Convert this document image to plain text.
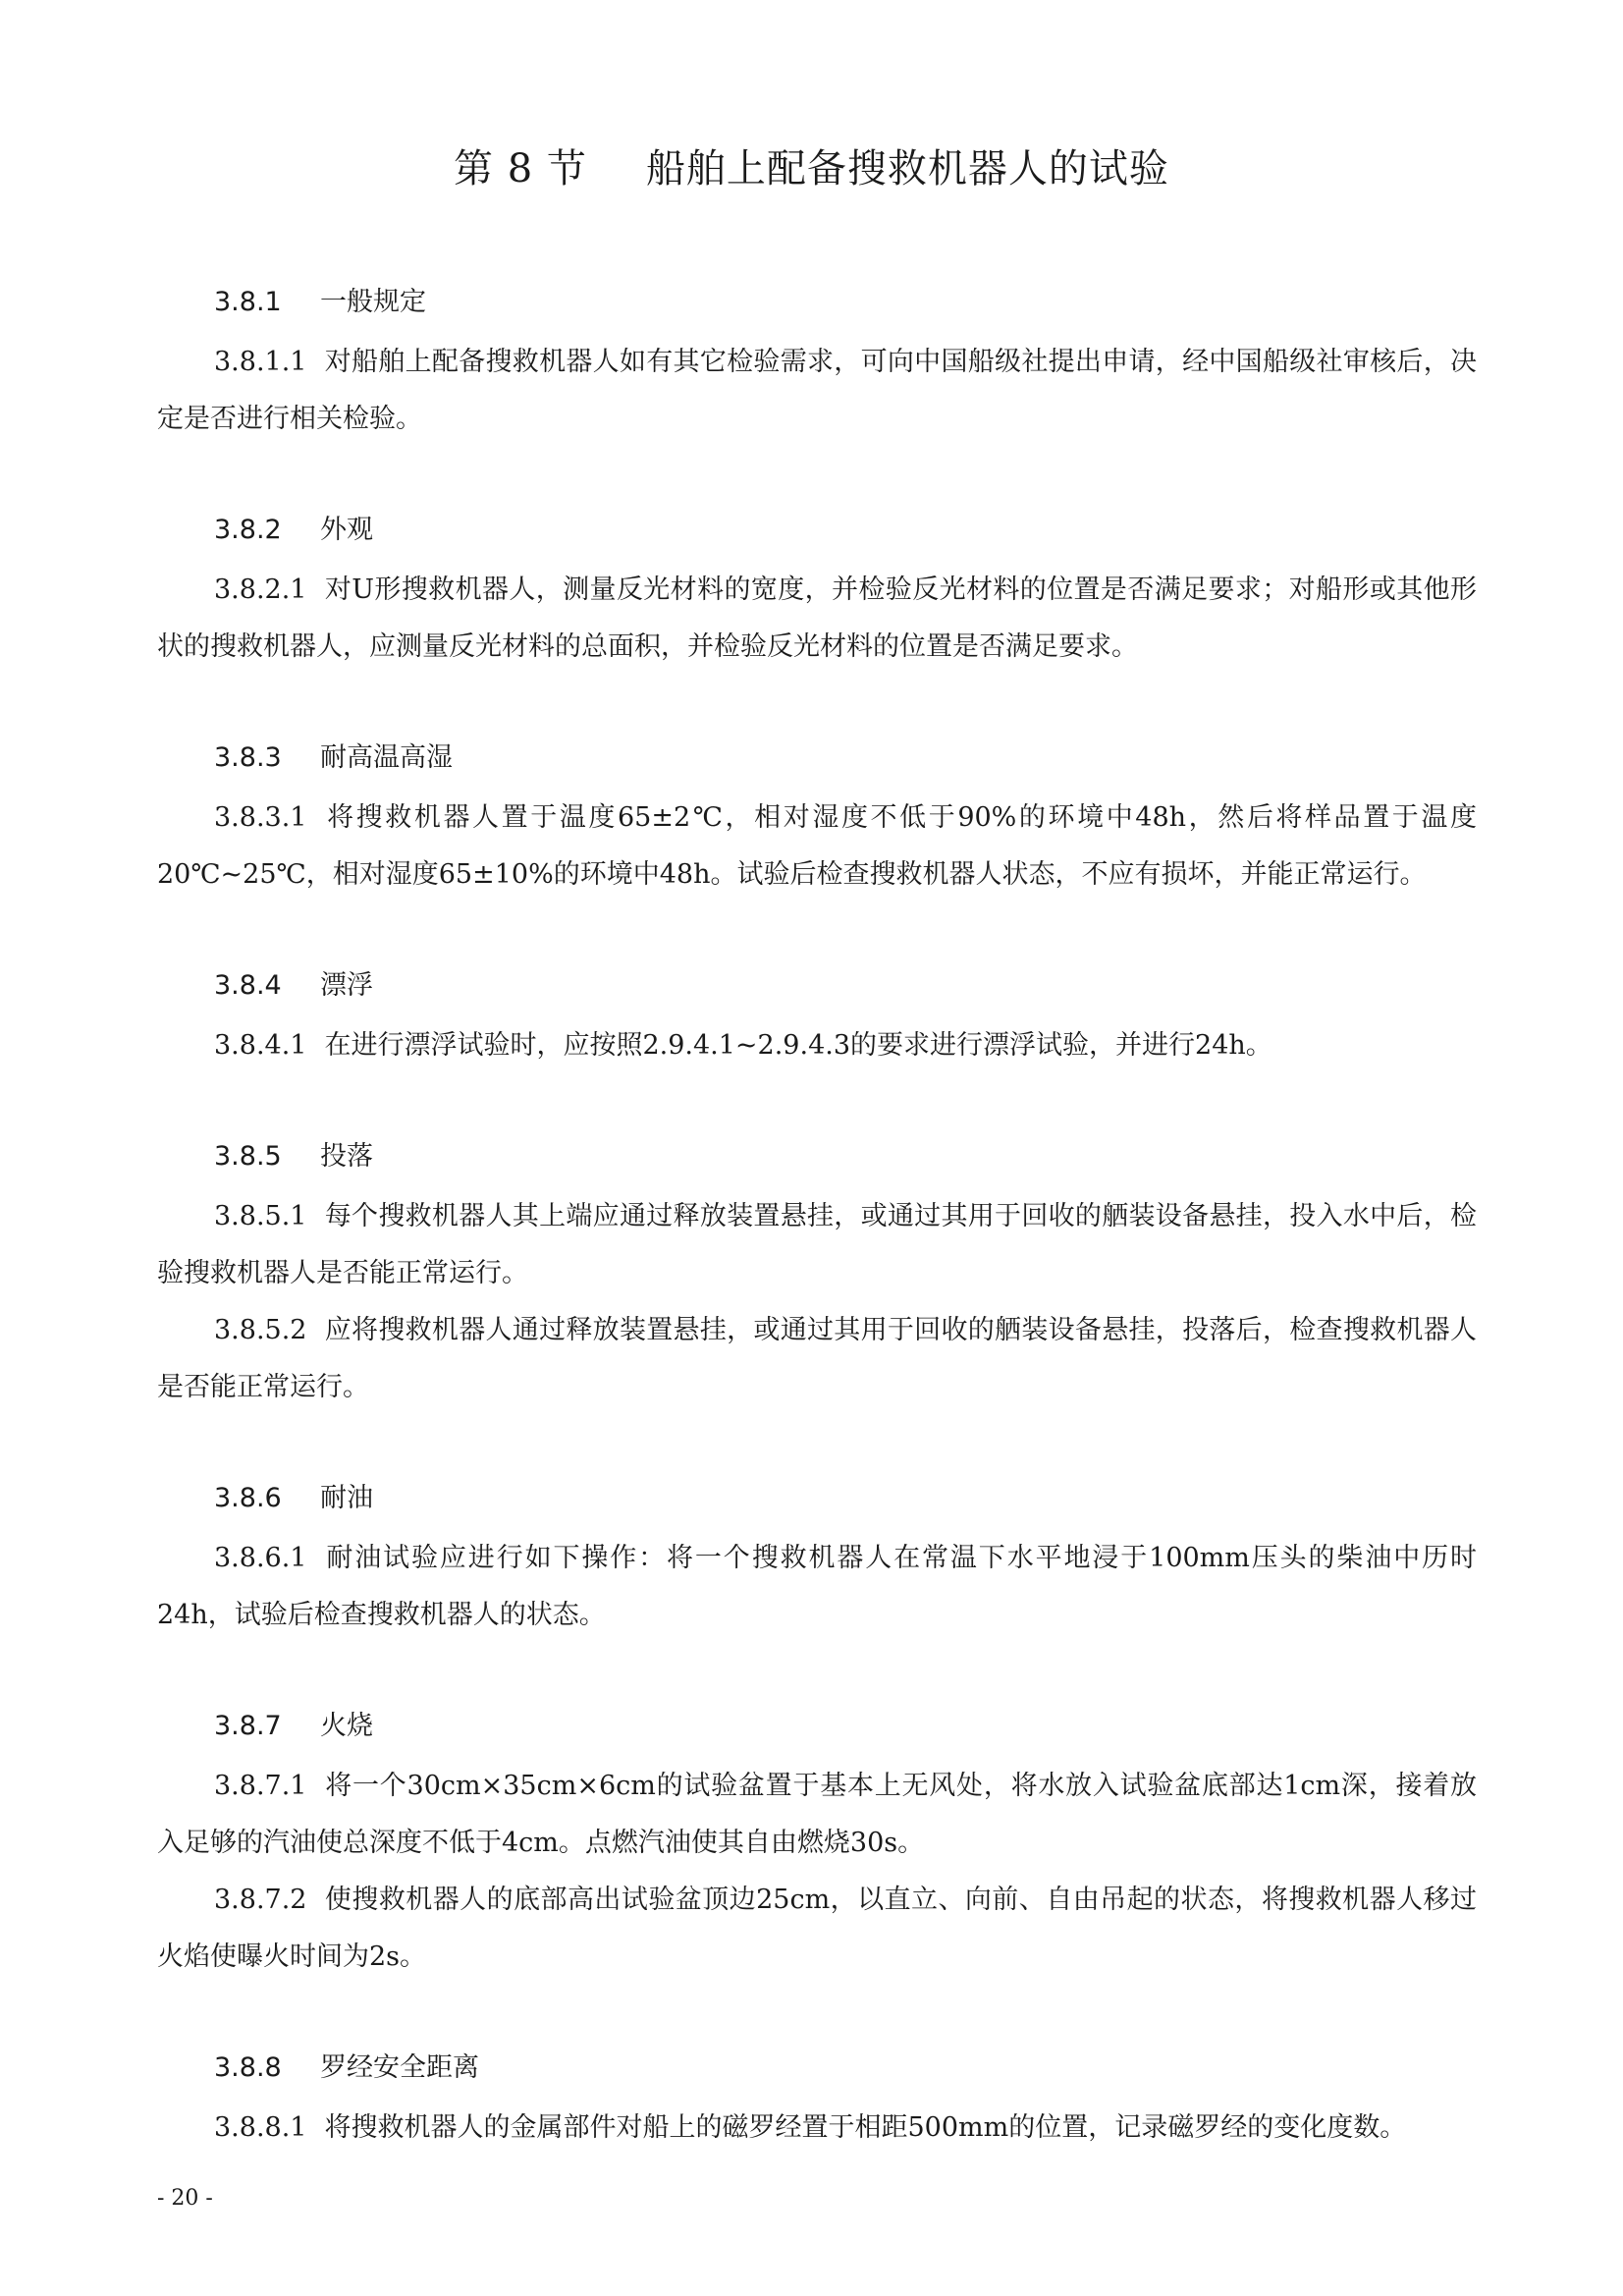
第 8 节 船舶上配备搜救机器人的试验
3.8.1 一般规定

3.8.1.1 对船舶上配备搜救机器人如有其它检验需求，可向中国船级社提出申请，经中国船级社审核后，决定是否进行相关检验。

3.8.2 外观

3.8.2.1 对U形搜救机器人，测量反光材料的宽度，并检验反光材料的位置是否满足要求；对船形或其他形状的搜救机器人，应测量反光材料的总面积，并检验反光材料的位置是否满足要求。

3.8.3 耐高温高湿

3.8.3.1 将搜救机器人置于温度65±2℃，相对湿度不低于90%的环境中48h，然后将样品置于温度20℃~25℃，相对湿度65±10%的环境中48h。试验后检查搜救机器人状态，不应有损坏，并能正常运行。

3.8.4 漂浮

3.8.4.1 在进行漂浮试验时，应按照2.9.4.1~2.9.4.3的要求进行漂浮试验，并进行24h。

3.8.5 投落

3.8.5.1 每个搜救机器人其上端应通过释放装置悬挂，或通过其用于回收的舾装设备悬挂，投入水中后，检验搜救机器人是否能正常运行。

3.8.5.2 应将搜救机器人通过释放装置悬挂，或通过其用于回收的舾装设备悬挂，投落后，检查搜救机器人是否能正常运行。

3.8.6 耐油

3.8.6.1 耐油试验应进行如下操作：将一个搜救机器人在常温下水平地浸于100mm压头的柴油中历时24h，试验后检查搜救机器人的状态。

3.8.7 火烧

3.8.7.1 将一个30cm×35cm×6cm的试验盆置于基本上无风处，将水放入试验盆底部达1cm深，接着放入足够的汽油使总深度不低于4cm。点燃汽油使其自由燃烧30s。

3.8.7.2 使搜救机器人的底部高出试验盆顶边25cm，以直立、向前、自由吊起的状态，将搜救机器人移过火焰使曝火时间为2s。

3.8.8 罗经安全距离

3.8.8.1 将搜救机器人的金属部件对船上的磁罗经置于相距500mm的位置，记录磁罗经的变化度数。

- 20 -
